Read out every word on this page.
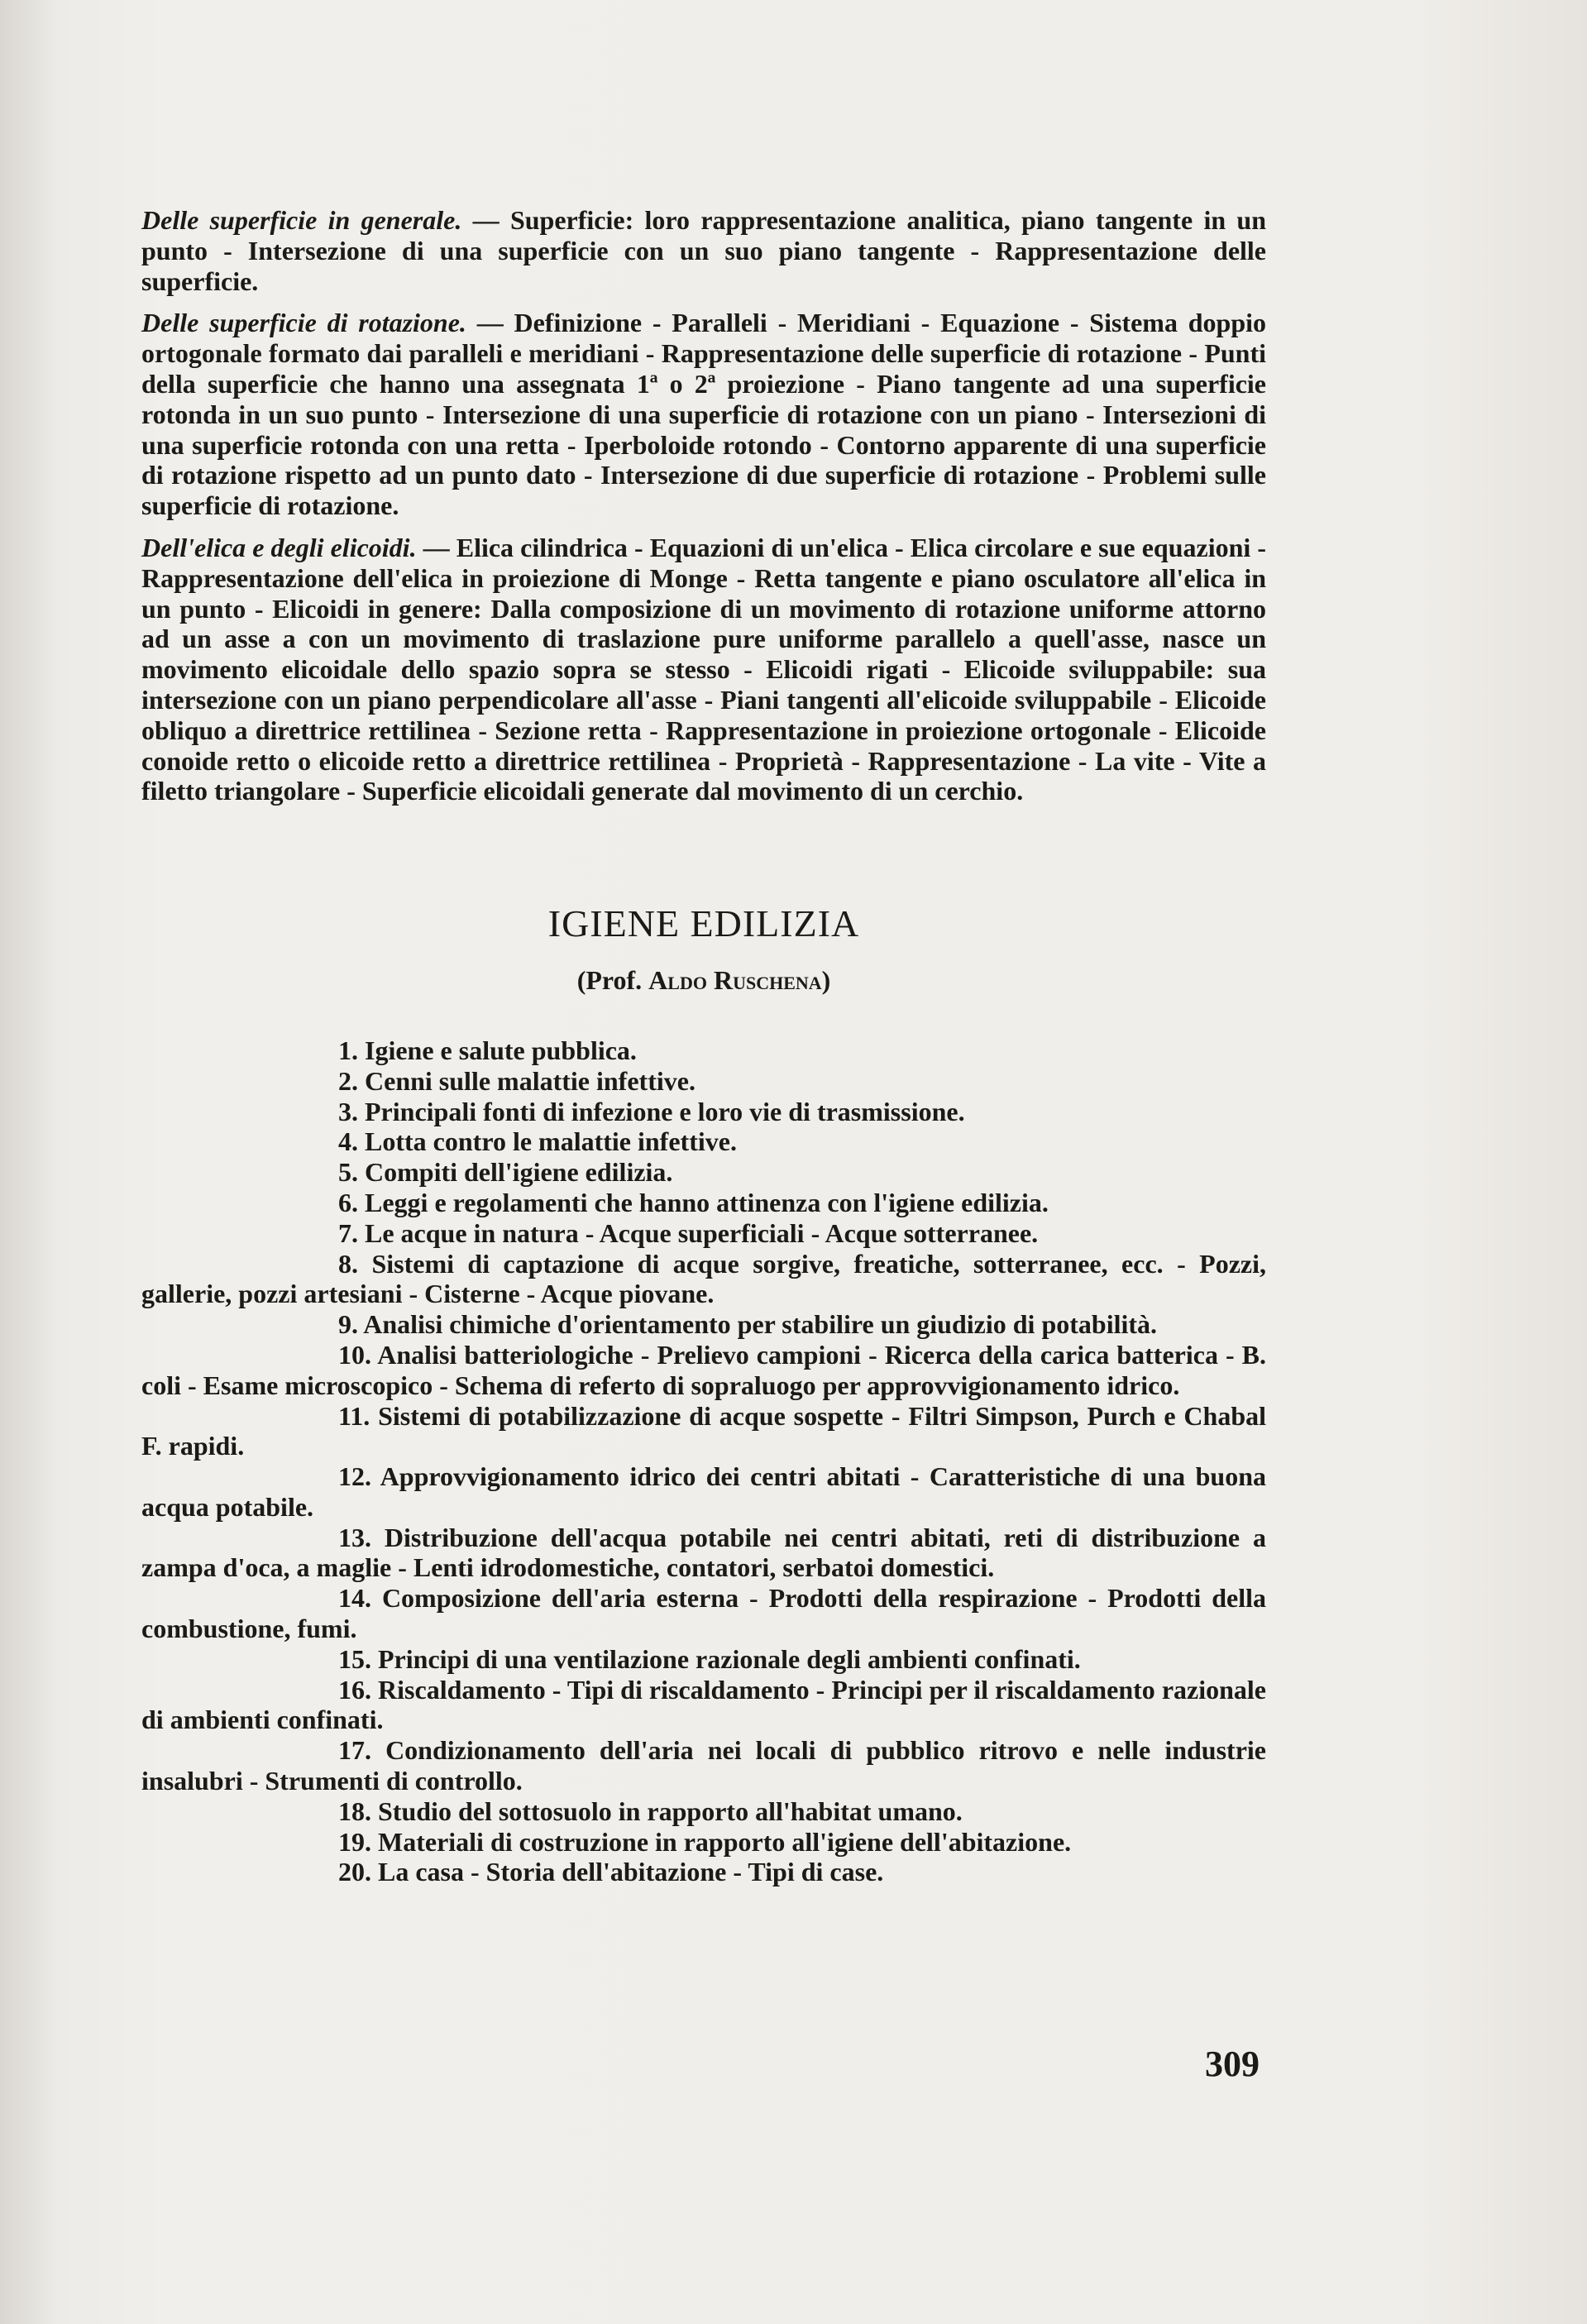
Delle superficie in generale. — Superficie: loro rappresentazione analitica, piano tangente in un punto - Intersezione di una superficie con un suo piano tangente - Rappresentazione delle superficie.

Delle superficie di rotazione. — Definizione - Paralleli - Meridiani - Equazione - Sistema doppio ortogonale formato dai paralleli e meridiani - Rappresentazione delle superficie di rotazione - Punti della superficie che hanno una assegnata 1ª o 2ª proiezione - Piano tangente ad una superficie rotonda in un suo punto - Intersezione di una superficie di rotazione con un piano - Intersezioni di una superficie rotonda con una retta - Iperboloide rotondo - Contorno apparente di una superficie di rotazione rispetto ad un punto dato - Intersezione di due superficie di rotazione - Problemi sulle superficie di rotazione.

Dell'elica e degli elicoidi. — Elica cilindrica - Equazioni di un'elica - Elica circolare e sue equazioni - Rappresentazione dell'elica in proiezione di Monge - Retta tangente e piano osculatore all'elica in un punto - Elicoidi in genere: Dalla composizione di un movimento di rotazione uniforme attorno ad un asse a con un movimento di traslazione pure uniforme parallelo a quell'asse, nasce un movimento elicoidale dello spazio sopra se stesso - Elicoidi rigati - Elicoide sviluppabile: sua intersezione con un piano perpendicolare all'asse - Piani tangenti all'elicoide sviluppabile - Elicoide obliquo a direttrice rettilinea - Sezione retta - Rappresentazione in proiezione ortogonale - Elicoide conoide retto o elicoide retto a direttrice rettilinea - Proprietà - Rappresentazione - La vite - Vite a filetto triangolare - Superficie elicoidali generate dal movimento di un cerchio.

IGIENE EDILIZIA
(Prof. Aldo Ruschena)

1. Igiene e salute pubblica.

2. Cenni sulle malattie infettive.

3. Principali fonti di infezione e loro vie di trasmissione.

4. Lotta contro le malattie infettive.

5. Compiti dell'igiene edilizia.

6. Leggi e regolamenti che hanno attinenza con l'igiene edilizia.

7. Le acque in natura - Acque superficiali - Acque sotterranee.

8. Sistemi di captazione di acque sorgive, freatiche, sotterranee, ecc. - Pozzi, gallerie, pozzi artesiani - Cisterne - Acque piovane.

9. Analisi chimiche d'orientamento per stabilire un giudizio di potabilità.

10. Analisi batteriologiche - Prelievo campioni - Ricerca della carica batterica - B. coli - Esame microscopico - Schema di referto di sopraluogo per approvvigionamento idrico.

11. Sistemi di potabilizzazione di acque sospette - Filtri Simpson, Purch e Chabal F. rapidi.

12. Approvvigionamento idrico dei centri abitati - Caratteristiche di una buona acqua potabile.

13. Distribuzione dell'acqua potabile nei centri abitati, reti di distribuzione a zampa d'oca, a maglie - Lenti idrodomestiche, contatori, serbatoi domestici.

14. Composizione dell'aria esterna - Prodotti della respirazione - Prodotti della combustione, fumi.

15. Principi di una ventilazione razionale degli ambienti confinati.

16. Riscaldamento - Tipi di riscaldamento - Principi per il riscaldamento razionale di ambienti confinati.

17. Condizionamento dell'aria nei locali di pubblico ritrovo e nelle industrie insalubri - Strumenti di controllo.

18. Studio del sottosuolo in rapporto all'habitat umano.

19. Materiali di costruzione in rapporto all'igiene dell'abitazione.

20. La casa - Storia dell'abitazione - Tipi di case.

309
